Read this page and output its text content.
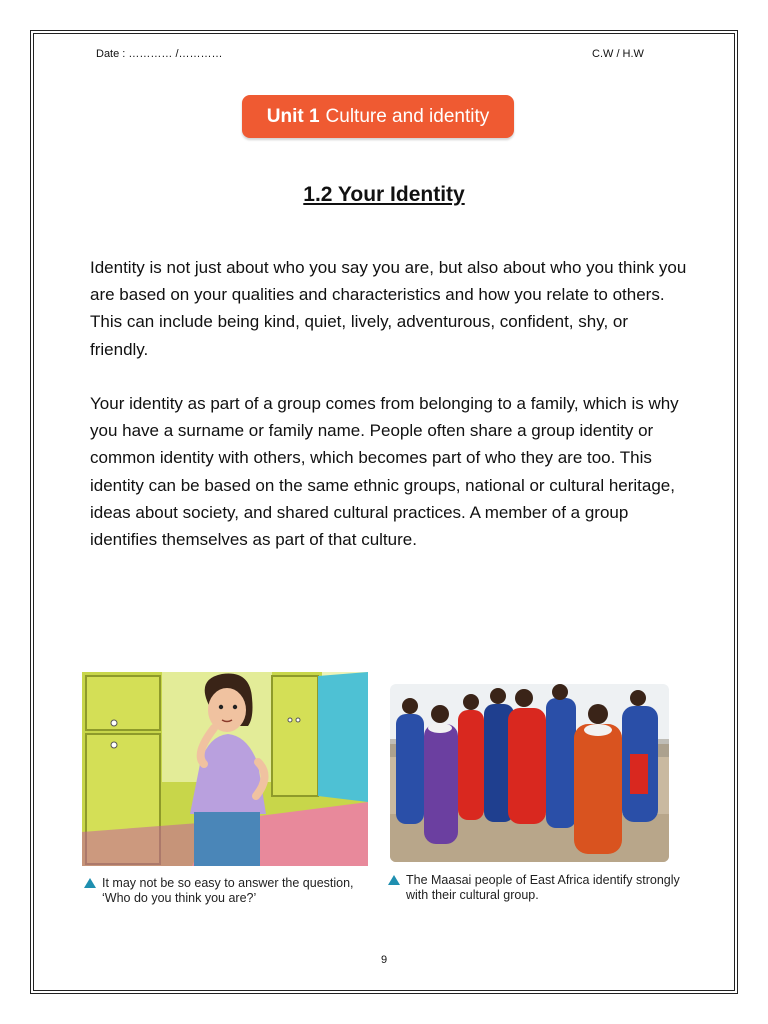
Date : ………… /…………	C.W / H.W
Unit 1 Culture and identity
1.2 Your Identity
Identity is not just about who you say you are, but also about who you think you are based on your qualities and characteristics and how you relate to others. This can include being kind, quiet, lively, adventurous, confident, shy, or friendly.
Your identity as part of a group comes from belonging to a family, which is why you have a surname or family name. People often share a group identity or common identity with others, which becomes part of who they are too. This identity can be based on the same ethnic groups, national or cultural heritage, ideas about society, and shared cultural practices. A member of a group identifies themselves as part of that culture.
It may not be so easy to answer the question, ‘Who do you think you are?’
The Maasai people of East Africa identify strongly with their cultural group.
9
